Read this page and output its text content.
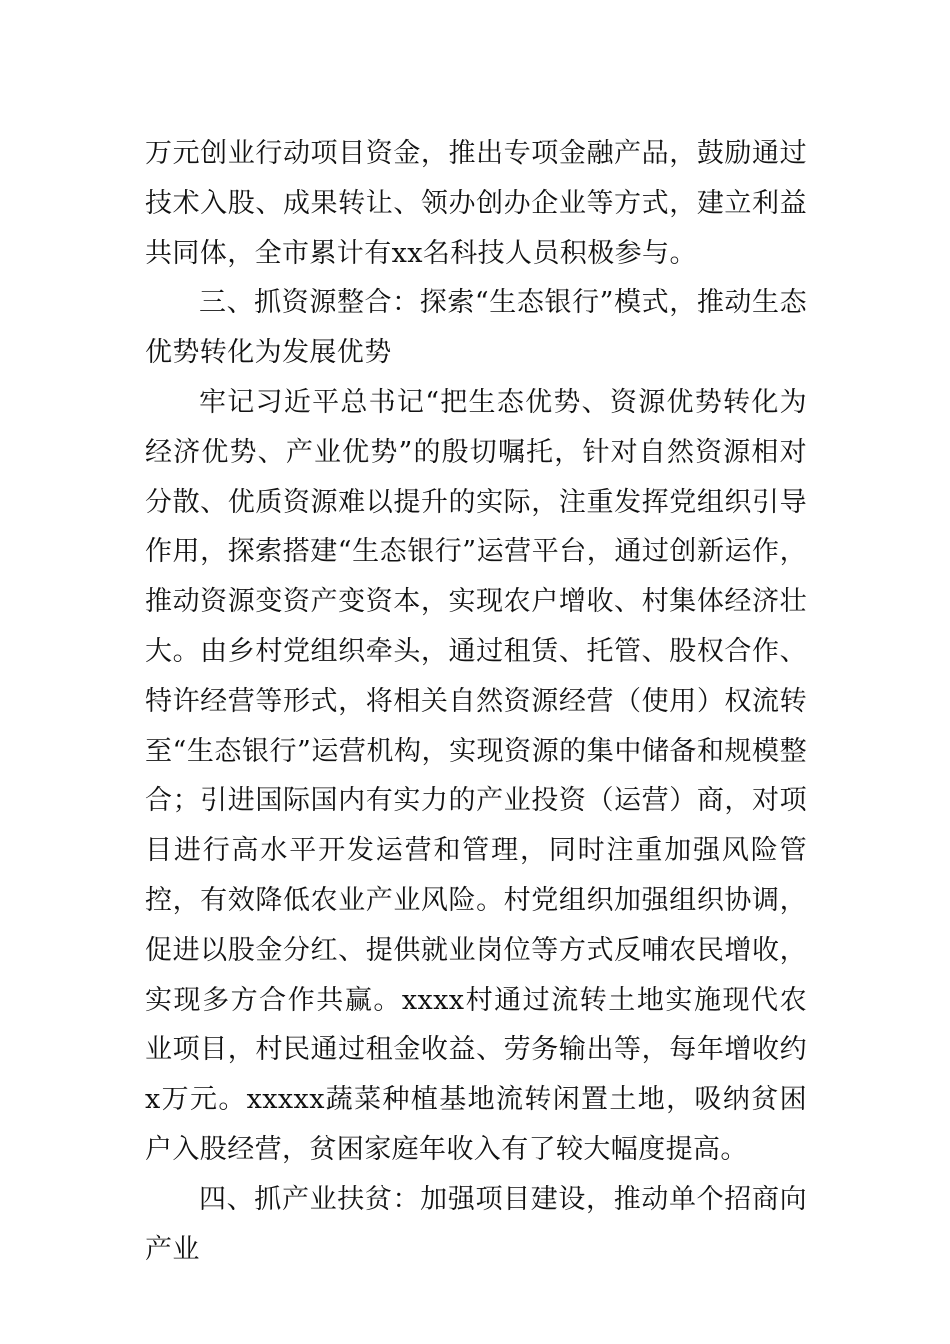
万元创业行动项目资金，推出专项金融产品，鼓励通过技术入股、成果转让、领办创办企业等方式，建立利益共同体，全市累计有xx名科技人员积极参与。

三、抓资源整合：探索“生态银行”模式，推动生态优势转化为发展优势

牢记习近平总书记“把生态优势、资源优势转化为经济优势、产业优势”的殷切嘱托，针对自然资源相对分散、优质资源难以提升的实际，注重发挥党组织引导作用，探索搭建“生态银行”运营平台，通过创新运作，推动资源变资产变资本，实现农户增收、村集体经济壮大。由乡村党组织牵头，通过租赁、托管、股权合作、特许经营等形式，将相关自然资源经营（使用）权流转至“生态银行”运营机构，实现资源的集中储备和规模整合；引进国际国内有实力的产业投资（运营）商，对项目进行高水平开发运营和管理，同时注重加强风险管控，有效降低农业产业风险。村党组织加强组织协调，促进以股金分红、提供就业岗位等方式反哺农民增收，实现多方合作共赢。xxxx村通过流转土地实施现代农业项目，村民通过租金收益、劳务输出等，每年增收约x万元。xxxxx蔬菜种植基地流转闲置土地，吸纳贫困户入股经营，贫困家庭年收入有了较大幅度提高。

四、抓产业扶贫：加强项目建设，推动单个招商向产业
